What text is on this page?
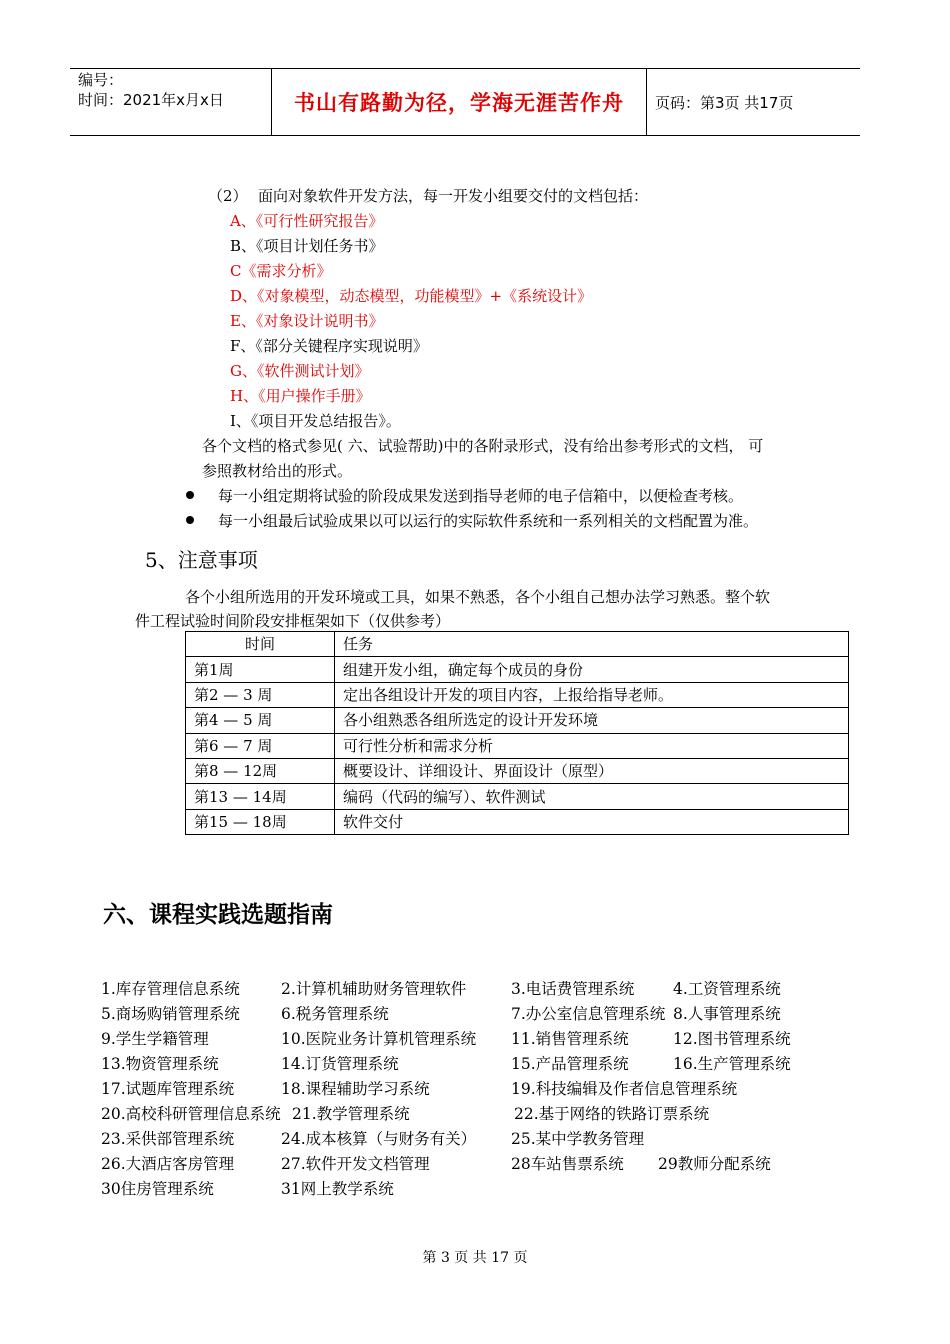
编号：
时间：2021年x月x日	书山有路勤为径，学海无涯苦作舟	页码：第3页 共17页
（2） 面向对象软件开发方法，每一开发小组要交付的文档包括：
A、《可行性研究报告》
B、《项目计划任务书》
C《需求分析》
D、《对象模型，动态模型，功能模型》+《系统设计》
E、《对象设计说明书》
F、《部分关键程序实现说明》
G、《软件测试计划》
H、《用户操作手册》
I、《项目开发总结报告》。
各个文档的格式参见( 六、试验帮助)中的各附录形式，没有给出参考形式的文档， 可
参照教材给出的形式。
每一小组定期将试验的阶段成果发送到指导老师的电子信箱中，以便检查考核。
每一小组最后试验成果以可以运行的实际软件系统和一系列相关的文档配置为准。
5、注意事项
各个小组所选用的开发环境或工具，如果不熟悉，各个小组自己想办法学习熟悉。整个软
件工程试验时间阶段安排框架如下（仅供参考）
时间	任务
第1周	组建开发小组，确定每个成员的身份
第2 — 3 周	定出各组设计开发的项目内容，上报给指导老师。
第4 — 5 周	各小组熟悉各组所选定的设计开发环境
第6 — 7 周	可行性分析和需求分析
第8 — 12周	概要设计、详细设计、界面设计（原型）
第13 — 14周	编码（代码的编写）、软件测试
第15 — 18周	软件交付
六、课程实践选题指南
1.库存管理信息系统	2.计算机辅助财务管理软件	3.电话费管理系统 4.工资管理系统
5.商场购销管理系统	6.税务管理系统	7.办公室信息管理系统 8.人事管理系统
9.学生学籍管理	10.医院业务计算机管理系统 11.销售管理系统	12.图书管理系统
13.物资管理系统	14.订货管理系统	15.产品管理系统	16.生产管理系统
17.试题库管理系统	18.课程辅助学习系统	19.科技编辑及作者信息管理系统
20.高校科研管理信息系统 21.教学管理系统	22.基于网络的铁路订票系统
23.采供部管理系统	24.成本核算（与财务有关） 25.某中学教务管理
26.大酒店客房管理	27.软件开发文档管理	28车站售票系统 29教师分配系统
30住房管理系统	31网上教学系统
第 3 页 共 17 页
